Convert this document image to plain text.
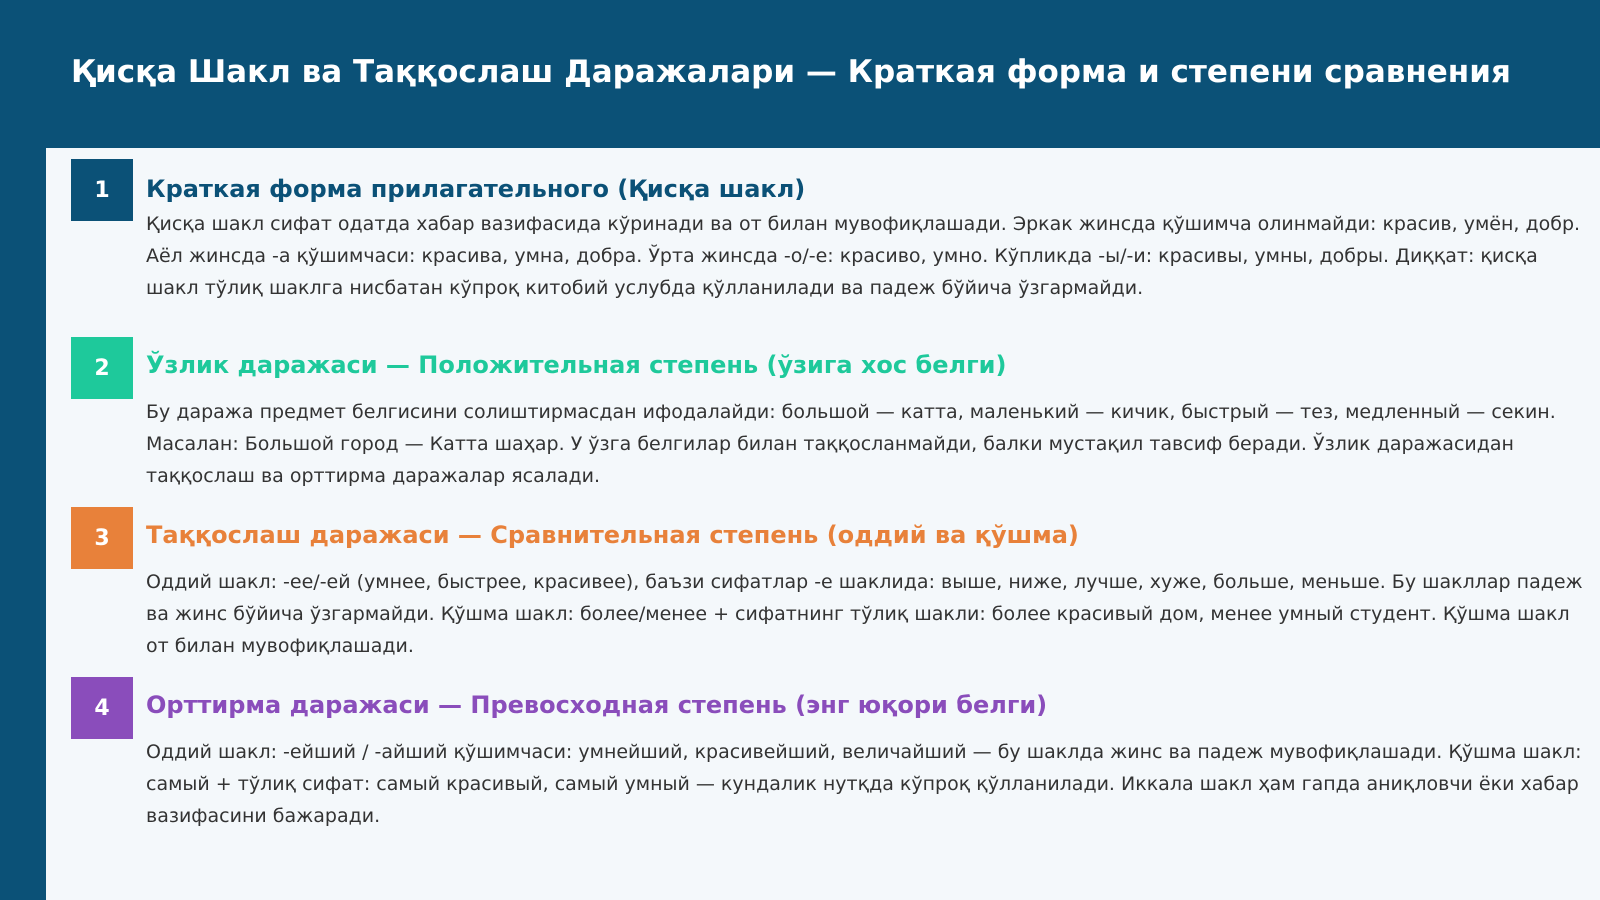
Қисқа Шакл ва Таққослаш Даражалари — Краткая форма и степени сравнения
1	Краткая форма прилагательного (Қисқа шакл)

Қисқа шакл сифат одатда хабар вазифасида кўринади ва от билан мувофиқлашади. Эркак жинсда қўшимча олинмайди: красив, умён, добр. Аёл жинсда -а қўшимчаси: красива, умна, добра. Ўрта жинсда -о/-е: красиво, умно. Кўпликда -ы/-и: красивы, умны, добры. Диққат: қисқа шакл тўлиқ шаклга нисбатан кўпроқ китобий услубда қўлланилади ва падеж бўйича ўзгармайди.

2	Ўзлик даражаси — Положительная степень (ўзига хос белги)

Бу даража предмет белгисини солиштирмасдан ифодалайди: большой — катта, маленький — кичик, быстрый — тез, медленный — секин. Масалан: Большой город — Катта шаҳар. У ўзга белгилар билан таққосланмайди, балки мустақил тавсиф беради. Ўзлик даражасидан таққослаш ва орттирма даражалар ясалади.

3	Таққослаш даражаси — Сравнительная степень (оддий ва қўшма)

Оддий шакл: -ее/-ей (умнее, быстрее, красивее), баъзи сифатлар -е шаклида: выше, ниже, лучше, хуже, больше, меньше. Бу шакллар падеж ва жинс бўйича ўзгармайди. Қўшма шакл: более/менее + сифатнинг тўлиқ шакли: более красивый дом, менее умный студент. Қўшма шакл от билан мувофиқлашади.

4	Орттирма даражаси — Превосходная степень (энг юқори белги)

Оддий шакл: -ейший / -айший қўшимчаси: умнейший, красивейший, величайший — бу шаклда жинс ва падеж мувофиқлашади. Қўшма шакл: самый + тўлиқ сифат: самый красивый, самый умный — кундалик нутқда кўпроқ қўлланилади. Иккала шакл ҳам гапда аниқловчи ёки хабар вазифасини бажаради.
